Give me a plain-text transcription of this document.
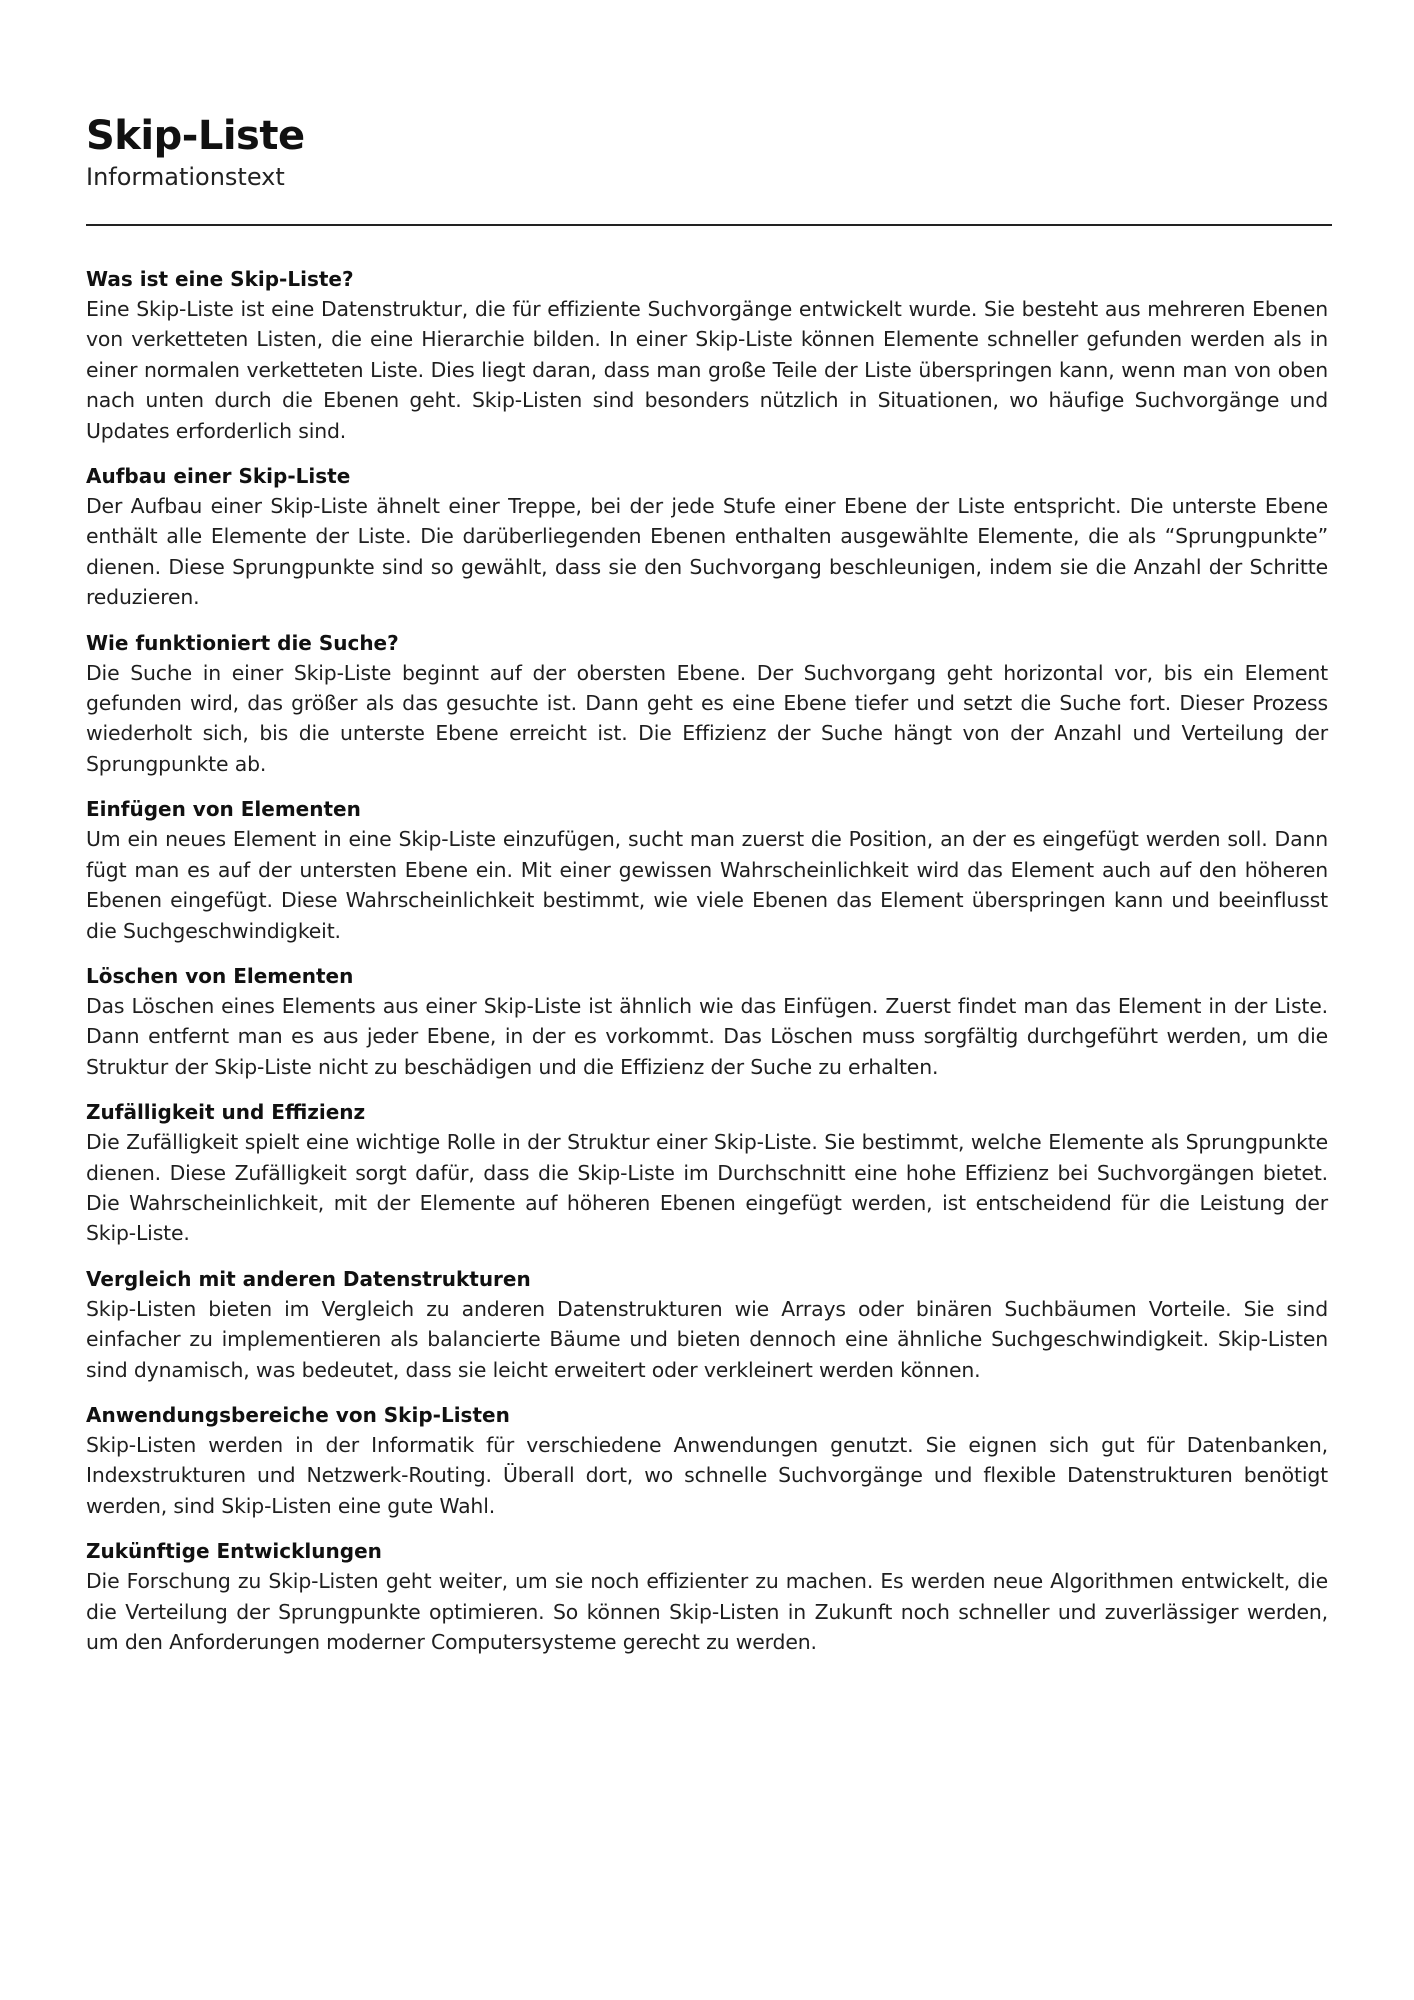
Skip-Liste
Informationstext
Was ist eine Skip-Liste?

Eine Skip-Liste ist eine Datenstruktur, die für effiziente Suchvorgänge entwickelt wurde. Sie besteht aus mehreren Ebenen von verketteten Listen, die eine Hierarchie bilden. In einer Skip-Liste können Elemente schneller gefunden werden als in einer normalen verketteten Liste. Dies liegt daran, dass man große Teile der Liste überspringen kann, wenn man von oben nach unten durch die Ebenen geht. Skip-Listen sind besonders nützlich in Situationen, wo häufige Suchvorgänge und Updates erforderlich sind.

Aufbau einer Skip-Liste

Der Aufbau einer Skip-Liste ähnelt einer Treppe, bei der jede Stufe einer Ebene der Liste entspricht. Die unterste Ebene enthält alle Elemente der Liste. Die darüberliegenden Ebenen enthalten ausgewählte Elemente, die als “Sprungpunkte” dienen. Diese Sprungpunkte sind so gewählt, dass sie den Suchvorgang beschleunigen, indem sie die Anzahl der Schritte reduzieren.

Wie funktioniert die Suche?

Die Suche in einer Skip-Liste beginnt auf der obersten Ebene. Der Suchvorgang geht horizontal vor, bis ein Element gefunden wird, das größer als das gesuchte ist. Dann geht es eine Ebene tiefer und setzt die Suche fort. Dieser Prozess wiederholt sich, bis die unterste Ebene erreicht ist. Die Effizienz der Suche hängt von der Anzahl und Verteilung der Sprungpunkte ab.

Einfügen von Elementen

Um ein neues Element in eine Skip-Liste einzufügen, sucht man zuerst die Position, an der es eingefügt werden soll. Dann fügt man es auf der untersten Ebene ein. Mit einer gewissen Wahrscheinlichkeit wird das Element auch auf den höheren Ebenen eingefügt. Diese Wahrscheinlichkeit bestimmt, wie viele Ebenen das Element überspringen kann und beeinflusst die Suchgeschwindigkeit.

Löschen von Elementen

Das Löschen eines Elements aus einer Skip-Liste ist ähnlich wie das Einfügen. Zuerst findet man das Element in der Liste. Dann entfernt man es aus jeder Ebene, in der es vorkommt. Das Löschen muss sorgfältig durchgeführt werden, um die Struktur der Skip-Liste nicht zu beschädigen und die Effizienz der Suche zu erhalten.

Zufälligkeit und Effizienz

Die Zufälligkeit spielt eine wichtige Rolle in der Struktur einer Skip-Liste. Sie bestimmt, welche Elemente als Sprungpunkte dienen. Diese Zufälligkeit sorgt dafür, dass die Skip-Liste im Durchschnitt eine hohe Effizienz bei Suchvorgängen bietet. Die Wahrscheinlichkeit, mit der Elemente auf höheren Ebenen eingefügt werden, ist entscheidend für die Leistung der Skip-Liste.

Vergleich mit anderen Datenstrukturen

Skip-Listen bieten im Vergleich zu anderen Datenstrukturen wie Arrays oder binären Suchbäumen Vorteile. Sie sind einfacher zu implementieren als balancierte Bäume und bieten dennoch eine ähnliche Suchgeschwindigkeit. Skip-Listen sind dynamisch, was bedeutet, dass sie leicht erweitert oder verkleinert werden können.

Anwendungsbereiche von Skip-Listen

Skip-Listen werden in der Informatik für verschiedene Anwendungen genutzt. Sie eignen sich gut für Datenbanken, Indexstrukturen und Netzwerk-Routing. Überall dort, wo schnelle Suchvorgänge und flexible Datenstrukturen benötigt werden, sind Skip-Listen eine gute Wahl.

Zukünftige Entwicklungen

Die Forschung zu Skip-Listen geht weiter, um sie noch effizienter zu machen. Es werden neue Algorithmen entwickelt, die die Verteilung der Sprungpunkte optimieren. So können Skip-Listen in Zukunft noch schneller und zuverlässiger werden, um den Anforderungen moderner Computersysteme gerecht zu werden.
